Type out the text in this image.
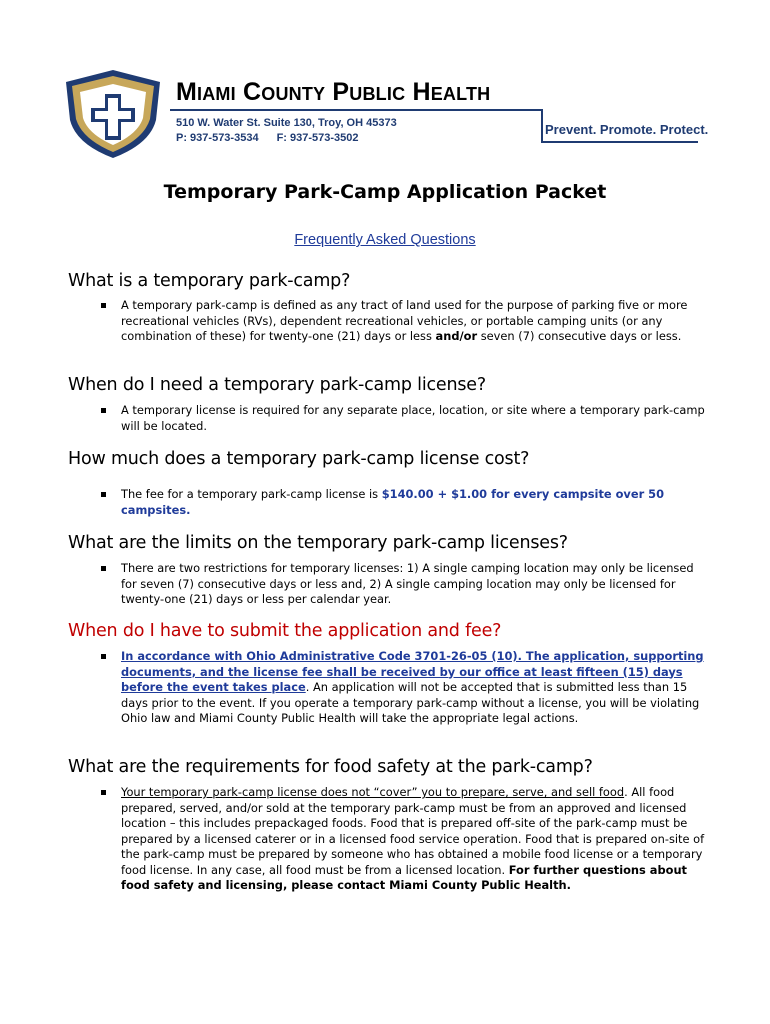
MIAMI COUNTY PUBLIC HEALTH
510 W. Water St. Suite 130, Troy, OH 45373
P: 937-573-3534 F: 937-573-3502
Prevent. Promote. Protect.
Temporary Park-Camp Application Packet
Frequently Asked Questions
What is a temporary park-camp?
A temporary park-camp is defined as any tract of land used for the purpose of parking five or more recreational vehicles (RVs), dependent recreational vehicles, or portable camping units (or any combination of these) for twenty-one (21) days or less and/or seven (7) consecutive days or less.
When do I need a temporary park-camp license?
A temporary license is required for any separate place, location, or site where a temporary park-camp will be located.
How much does a temporary park-camp license cost?
The fee for a temporary park-camp license is $140.00 + $1.00 for every campsite over 50 campsites.
What are the limits on the temporary park-camp licenses?
There are two restrictions for temporary licenses: 1) A single camping location may only be licensed for seven (7) consecutive days or less and, 2) A single camping location may only be licensed for twenty-one (21) days or less per calendar year.
When do I have to submit the application and fee?
In accordance with Ohio Administrative Code 3701-26-05 (10). The application, supporting documents, and the license fee shall be received by our office at least fifteen (15) days before the event takes place. An application will not be accepted that is submitted less than 15 days prior to the event. If you operate a temporary park-camp without a license, you will be violating Ohio law and Miami County Public Health will take the appropriate legal actions.
What are the requirements for food safety at the park-camp?
Your temporary park-camp license does not “cover” you to prepare, serve, and sell food. All food prepared, served, and/or sold at the temporary park-camp must be from an approved and licensed location – this includes prepackaged foods. Food that is prepared off-site of the park-camp must be prepared by a licensed caterer or in a licensed food service operation. Food that is prepared on-site of the park-camp must be prepared by someone who has obtained a mobile food license or a temporary food license. In any case, all food must be from a licensed location. For further questions about food safety and licensing, please contact Miami County Public Health.
